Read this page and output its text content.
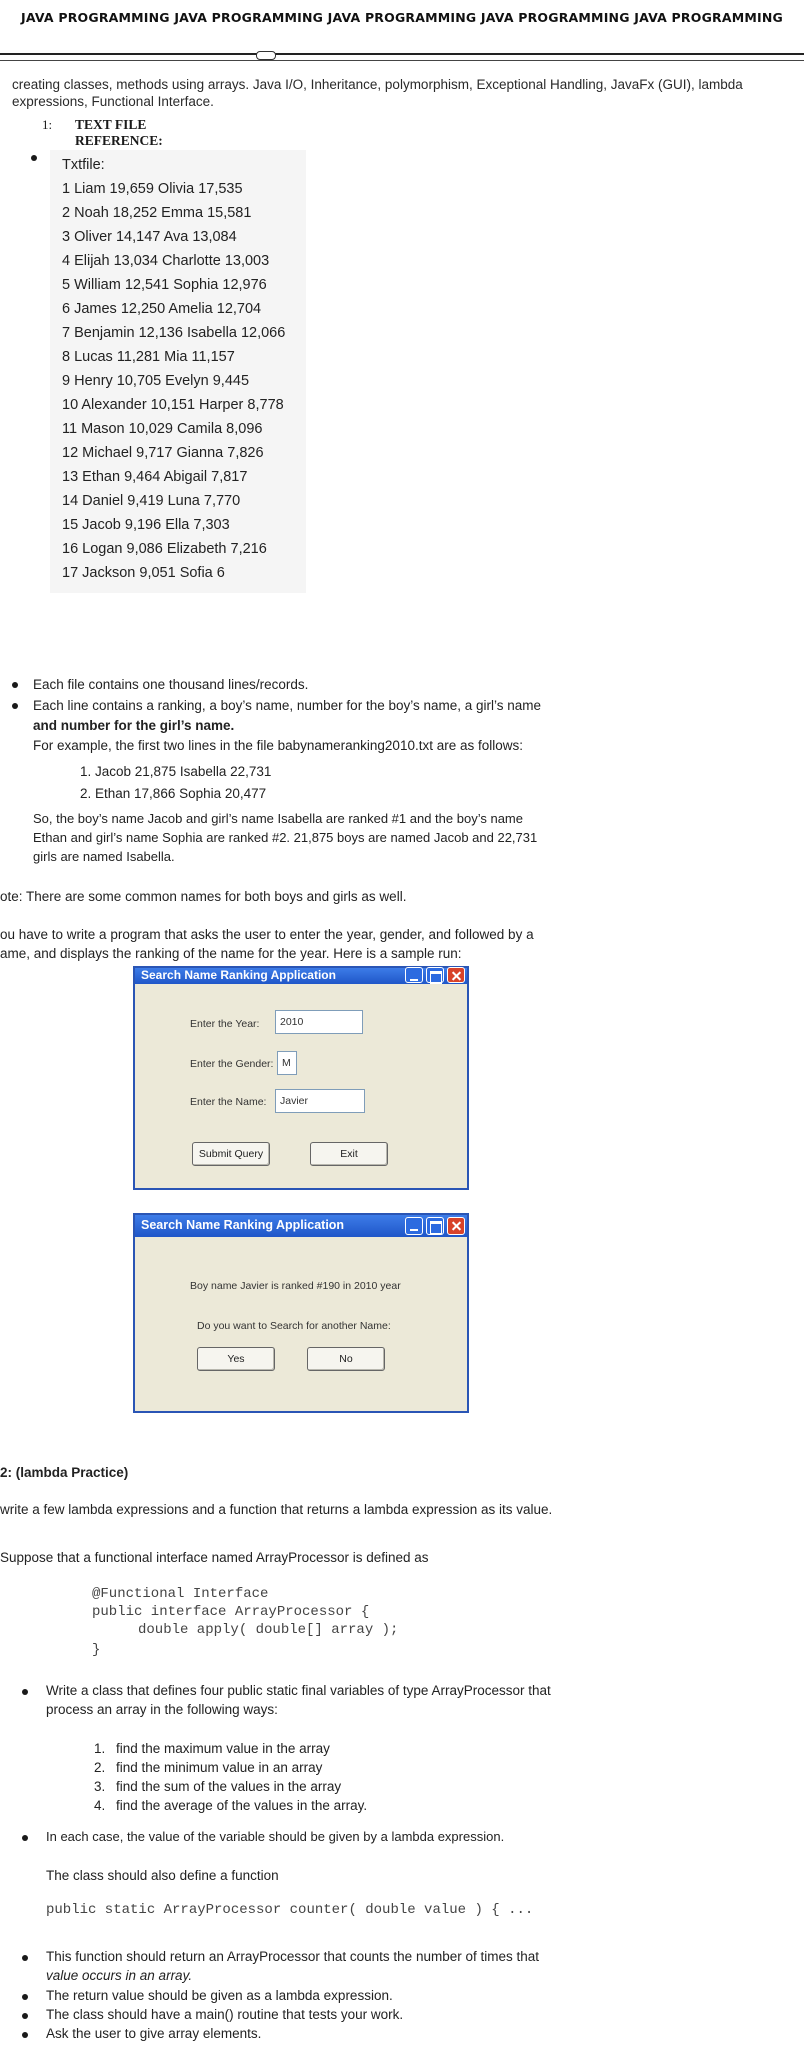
JAVA PROGRAMMING JAVA PROGRAMMING JAVA PROGRAMMING JAVA PROGRAMMING JAVA PROGRAMMING
creating classes, methods using arrays. Java I/O, Inheritance, polymorphism, Exceptional Handling, JavaFx (GUI), lambda expressions, Functional Interface.
1: TEXT FILE
REFERENCE:
Txtfile:
1 Liam 19,659 Olivia 17,535
2 Noah 18,252 Emma 15,581
3 Oliver 14,147 Ava 13,084
4 Elijah 13,034 Charlotte 13,003
5 William 12,541 Sophia 12,976
6 James 12,250 Amelia 12,704
7 Benjamin 12,136 Isabella 12,066
8 Lucas 11,281 Mia 11,157
9 Henry 10,705 Evelyn 9,445
10 Alexander 10,151 Harper 8,778
11 Mason 10,029 Camila 8,096
12 Michael 9,717 Gianna 7,826
13 Ethan 9,464 Abigail 7,817
14 Daniel 9,419 Luna 7,770
15 Jacob 9,196 Ella 7,303
16 Logan 9,086 Elizabeth 7,216
17 Jackson 9,051 Sofia 6
Each file contains one thousand lines/records.
Each line contains a ranking, a boy’s name, number for the boy’s name, a girl’s name
and number for the girl’s name.
For example, the first two lines in the file babynameranking2010.txt are as follows:
1. Jacob 21,875 Isabella 22,731
2. Ethan 17,866 Sophia 20,477
So, the boy’s name Jacob and girl’s name Isabella are ranked #1 and the boy’s name
Ethan and girl’s name Sophia are ranked #2. 21,875 boys are named Jacob and 22,731
girls are named Isabella.
ote: There are some common names for both boys and girls as well.
ou have to write a program that asks the user to enter the year, gender, and followed by a
ame, and displays the ranking of the name for the year. Here is a sample run:
Search Name Ranking Application
Enter the Year:	2010
Enter the Gender: M
Enter the Name:	Javier
Submit Query	Exit
Search Name Ranking Application
Boy name Javier is ranked #190 in 2010 year
Do you want to Search for another Name:
Yes	No
2: (lambda Practice)
write a few lambda expressions and a function that returns a lambda expression as its value.
Suppose that a functional interface named ArrayProcessor is defined as
@Functional Interface
public interface ArrayProcessor {
double apply( double[] array );
}
Write a class that defines four public static final variables of type ArrayProcessor that
process an array in the following ways:
1. find the maximum value in the array
2. find the minimum value in an array
3. find the sum of the values in the array
4. find the average of the values in the array.
In each case, the value of the variable should be given by a lambda expression.
The class should also define a function
public static ArrayProcessor counter( double value ) { ...
This function should return an ArrayProcessor that counts the number of times that
value occurs in an array.
The return value should be given as a lambda expression.
The class should have a main() routine that tests your work.
Ask the user to give array elements.
